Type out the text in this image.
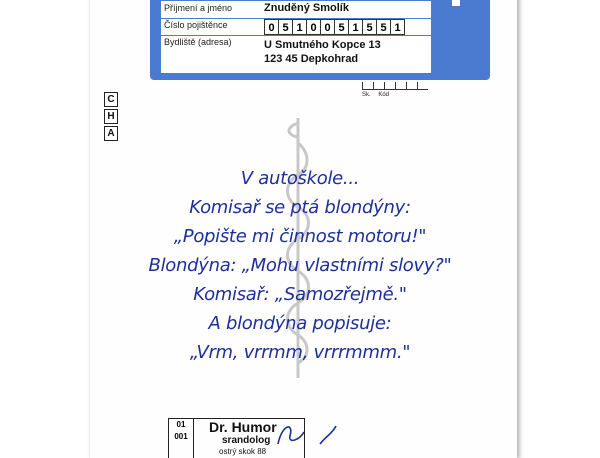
Příjmení a jméno	Znuděný Smolík
Číslo pojištěnce	0 5 1 0 0 5 1 5 5 1
Bydliště (adresa)	U Smutného Kopce 13
123 45 Depkohrad
Sk. Kód
C
H
A
V autoškole...
Komisař se ptá blondýny:
„Popište mi činnost motoru!"
Blondýna: „Mohu vlastními slovy?"
Komisař: „Samozřejmě."
A blondýna popisuje:
„Vrm, vrrmm, vrrrmmm."
01
001
Dr. Humor
srandolog
ostrý skok 88
